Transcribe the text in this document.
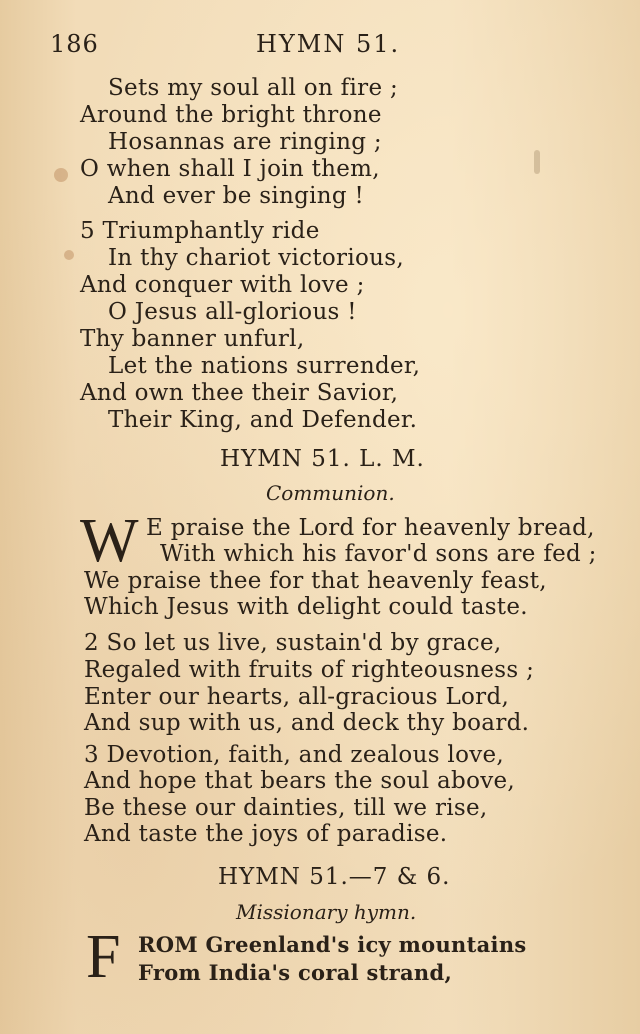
186	HYMN 51.
Sets my soul all on fire ;
Around the bright throne
Hosannas are ringing ;
O when shall I join them,
And ever be singing !
5 Triumphantly ride
In thy chariot victorious,
And conquer with love ;
O Jesus all-glorious !
Thy banner unfurl,
Let the nations surrender,
And own thee their Savior,
Their King, and Defender.
HYMN 51. L. M.
Communion.
W E praise the Lord for heavenly bread,
With which his favor'd sons are fed ;
We praise thee for that heavenly feast,
Which Jesus with delight could taste.
2 So let us live, sustain'd by grace,
Regaled with fruits of righteousness ;
Enter our hearts, all-gracious Lord,
And sup with us, and deck thy board.
3 Devotion, faith, and zealous love,
And hope that bears the soul above,
Be these our dainties, till we rise,
And taste the joys of paradise.
HYMN 51.—7 & 6.
Missionary hymn.
F ROM Greenland's icy mountains
From India's coral strand,
